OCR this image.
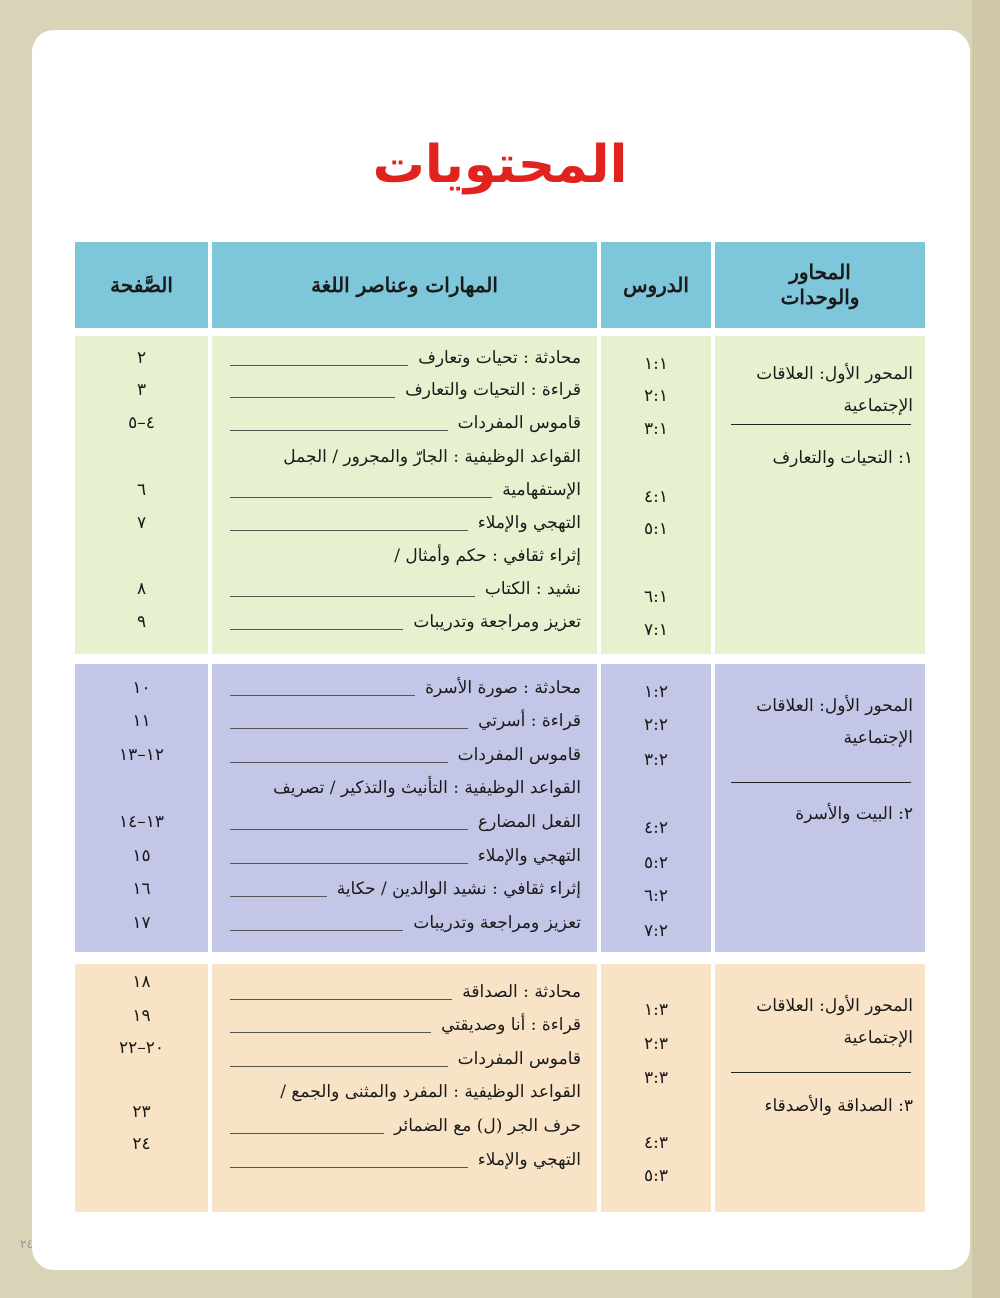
المحتويات
المحاور
والوحدات
الدروس
المهارات وعناصر اللغة
الصَّفحة
المحور الأول: العلاقات الإجتماعية
١: التحيات والتعارف
١:١
٢:١
٣:١
٤:١
٥:١
٦:١
٧:١
محادثة : تحيات وتعارف
قراءة : التحيات والتعارف
قاموس المفردات
القواعد الوظيفية : الجارّ والمجرور / الجمل
الإستفهامية
التهجي والإملاء
إثراء ثقافي : حكم وأمثال /
نشيد : الكتاب
تعزيز ومراجعة وتدريبات
٢
٣
٤–٥
٦
٧
٨
٩
المحور الأول: العلاقات الإجتماعية
٢: البيت والأسرة
١:٢
٢:٢
٣:٢
٤:٢
٥:٢
٦:٢
٧:٢
محادثة : صورة الأسرة
قراءة : أسرتي
قاموس المفردات
القواعد الوظيفية : التأنيث والتذكير / تصريف
الفعل المضارع
التهجي والإملاء
إثراء ثقافي : نشيد الوالدين / حكاية
تعزيز ومراجعة وتدريبات
١٠
١١
١٢–١٣
١٣–١٤
١٥
١٦
١٧
المحور الأول: العلاقات الإجتماعية
٣: الصداقة والأصدقاء
١:٣
٢:٣
٣:٣
٤:٣
٥:٣
محادثة : الصداقة
قراءة : أنا وصديقتي
قاموس المفردات
القواعد الوظيفية : المفرد والمثنى والجمع /
حرف الجر (ل) مع الضمائر
التهجي والإملاء
١٨
١٩
٢٠–٢٢
٢٣
٢٤
٢٤
